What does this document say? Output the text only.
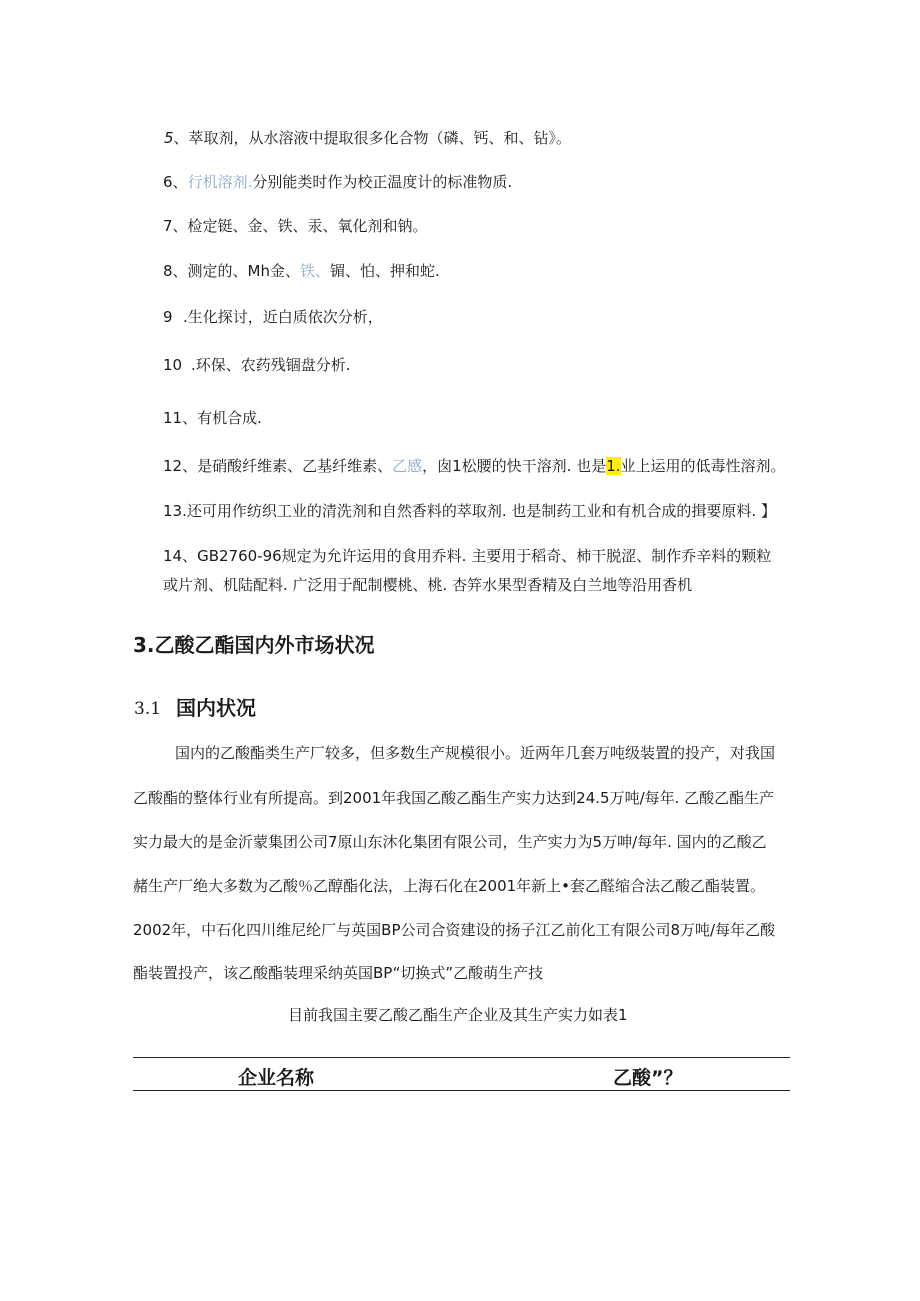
5、萃取剂，从水溶液中提取很多化合物（磷、钙、和、钻》。
6、行机溶剂.分别能类时作为校正温度计的标准物质.
7、检定铤、金、铁、汞、氧化剂和钠。
8、测定的、Mh金、铁、镅、怕、押和蛇.
9 .生化探讨，近白质依次分析，
10 .环保、农药残锢盘分析.
11、有机合成.
12、是硝酸纤维素、乙基纤维素、乙感，囱1松腰的快干溶剂. 也是1.业上运用的低毒性溶剂。
13.还可用作纺织工业的清洗剂和自然香料的萃取剂. 也是制药工业和有机合成的揖要原料. 】
14、GB2760-96规定为允许运用的食用乔料. 主要用于稻奇、柿干脱涩、制作乔辛料的颗粒
或片剂、机陆配料. 广泛用于配制樱桃、桃. 杏笄水果型香精及白兰地等沿用香机
3.乙酸乙酯国内外市场状况
3.1 国内状况
国内的乙酸酯类生产厂较多，但多数生产规模很小。近两年几套万吨级装置的投产，对我国
乙酸酯的整体行业有所提高。到2001年我国乙酸乙酯生产实力达到24.5万吨/每年. 乙酸乙酯生产
实力最大的是金沂蒙集团公司7原山东沐化集团有限公司，生产实力为5万呻/每年. 国内的乙酸乙
赭生产厂绝大多数为乙酸％乙醇酯化法，上海石化在2001年新上•套乙醛缩合法乙酸乙酯装置。
2002年，中石化四川维尼纶厂与英国BP公司合资建设的扬子江乙前化工有限公司8万吨/每年乙酸
酯装置投产，该乙酸酯装理采纳英国BP“切换式”乙酸萌生产技
目前我国主要乙酸乙酯生产企业及其生产实力如表1
企业名称	乙酸”？
